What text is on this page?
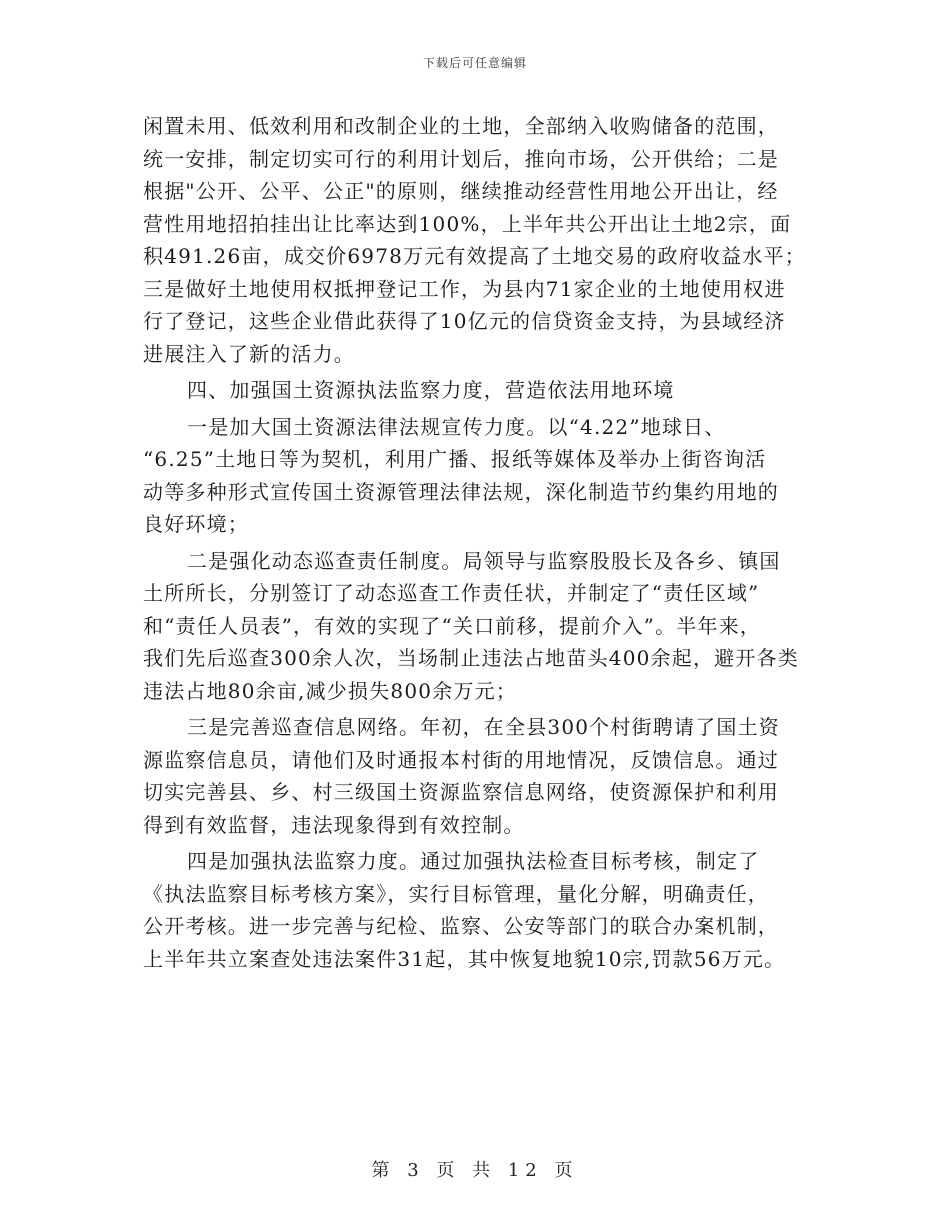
下载后可任意编辑
闲置未用、低效利用和改制企业的土地，全部纳入收购储备的范围，
统一安排，制定切实可行的利用计划后，推向市场，公开供给；二是
根据"公开、公平、公正"的原则，继续推动经营性用地公开出让，经
营性用地招拍挂出让比率达到100%，上半年共公开出让土地2宗，面
积491.26亩，成交价6978万元有效提高了土地交易的政府收益水平；
三是做好土地使用权抵押登记工作，为县内71家企业的土地使用权进
行了登记，这些企业借此获得了10亿元的信贷资金支持，为县域经济
进展注入了新的活力。
四、加强国土资源执法监察力度，营造依法用地环境
一是加大国土资源法律法规宣传力度。以“4.22”地球日、
“6.25”土地日等为契机，利用广播、报纸等媒体及举办上街咨询活
动等多种形式宣传国土资源管理法律法规，深化制造节约集约用地的
良好环境；
二是强化动态巡查责任制度。局领导与监察股股长及各乡、镇国
土所所长，分别签订了动态巡查工作责任状，并制定了“责任区域”
和“责任人员表”，有效的实现了“关口前移，提前介入”。半年来，
我们先后巡查300余人次，当场制止违法占地苗头400余起，避开各类
违法占地80余亩,减少损失800余万元；
三是完善巡查信息网络。年初，在全县300个村街聘请了国土资
源监察信息员，请他们及时通报本村街的用地情况，反馈信息。通过
切实完善县、乡、村三级国土资源监察信息网络，使资源保护和利用
得到有效监督，违法现象得到有效控制。
四是加强执法监察力度。通过加强执法检查目标考核，制定了
《执法监察目标考核方案》，实行目标管理，量化分解，明确责任，
公开考核。进一步完善与纪检、监察、公安等部门的联合办案机制，
上半年共立案查处违法案件31起，其中恢复地貌10宗,罚款56万元。
第 3 页 共 12 页
